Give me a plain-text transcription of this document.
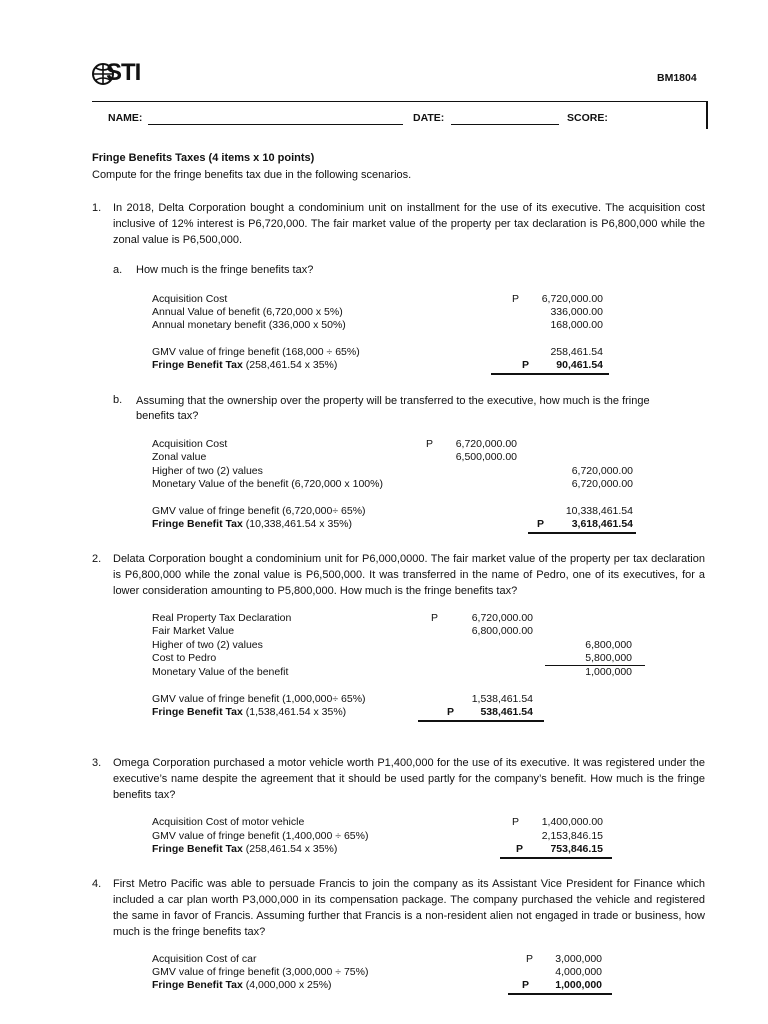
STI	BM1804
NAME:	DATE:	SCORE:
Fringe Benefits Taxes (4 items x 10 points)
Compute for the fringe benefits tax due in the following scenarios.
1. In 2018, Delta Corporation bought a condominium unit on installment for the use of its executive. The acquisition cost inclusive of 12% interest is P6,720,000. The fair market value of the property per tax declaration is P6,800,000 while the zonal value is P6,500,000.
a. How much is the fringe benefits tax?
Acquisition Cost	P	6,720,000.00
Annual Value of benefit (6,720,000 x 5%)	336,000.00
Annual monetary benefit (336,000 x 50%)	168,000.00
GMV value of fringe benefit (168,000 ÷ 65%)	258,461.54
Fringe Benefit Tax (258,461.54 x 35%)	P	90,461.54
b. Assuming that the ownership over the property will be transferred to the executive, how much is the fringe benefits tax?
Acquisition Cost	P	6,720,000.00
Zonal value	6,500,000.00
Higher of two (2) values	6,720,000.00
Monetary Value of the benefit (6,720,000 x 100%)	6,720,000.00
GMV value of fringe benefit (6,720,000÷ 65%)	10,338,461.54
Fringe Benefit Tax (10,338,461.54 x 35%)	P	3,618,461.54
2. Delata Corporation bought a condominium unit for P6,000,0000. The fair market value of the property per tax declaration is P6,800,000 while the zonal value is P6,500,000. It was transferred in the name of Pedro, one of its executives, for a lower consideration amounting to P5,800,000. How much is the fringe benefits tax?
Real Property Tax Declaration	P	6,720,000.00
Fair Market Value	6,800,000.00
Higher of two (2) values	6,800,000
Cost to Pedro	5,800,000
Monetary Value of the benefit	1,000,000
GMV value of fringe benefit (1,000,000÷ 65%)	1,538,461.54
Fringe Benefit Tax (1,538,461.54 x 35%)	P	538,461.54
3. Omega Corporation purchased a motor vehicle worth P1,400,000 for the use of its executive. It was registered under the executive’s name despite the agreement that it should be used partly for the company’s benefit. How much is the fringe benefits tax?
Acquisition Cost of motor vehicle	P	1,400,000.00
GMV value of fringe benefit (1,400,000 ÷ 65%)	2,153,846.15
Fringe Benefit Tax (258,461.54 x 35%)	P	753,846.15
4. First Metro Pacific was able to persuade Francis to join the company as its Assistant Vice President for Finance which included a car plan worth P3,000,000 in its compensation package. The company purchased the vehicle and registered the same in favor of Francis. Assuming further that Francis is a non-resident alien not engaged in trade or business, how much is the fringe benefits tax?
Acquisition Cost of car	P	3,000,000
GMV value of fringe benefit (3,000,000 ÷ 75%)	4,000,000
Fringe Benefit Tax (4,000,000 x 25%)	P	1,000,000
